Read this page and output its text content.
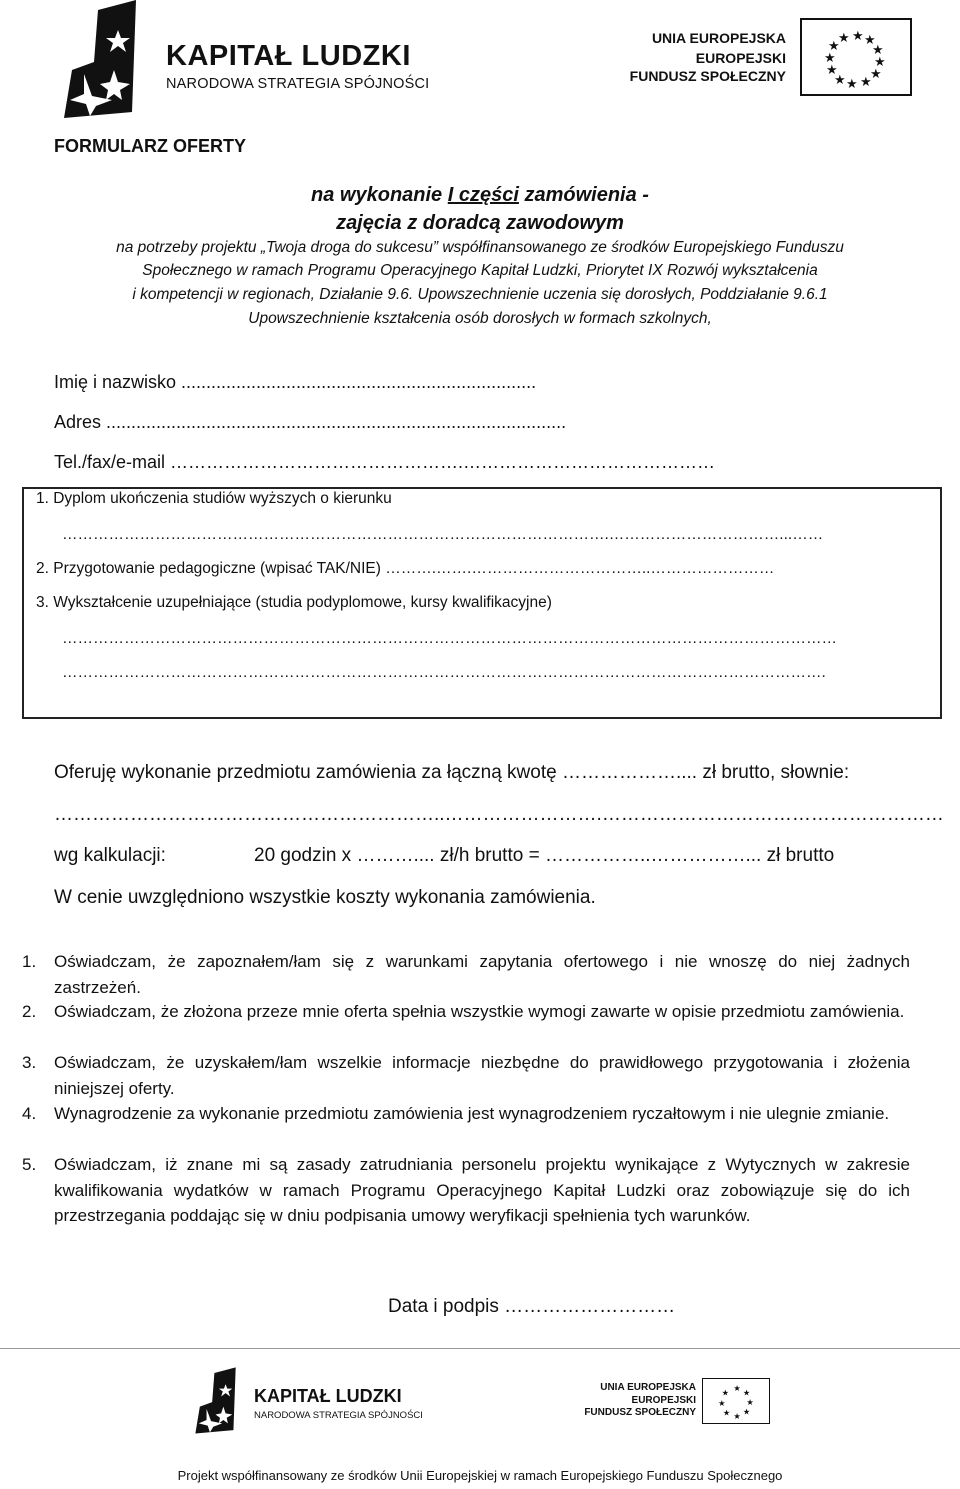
KAPITAŁ LUDZKI
NARODOWA STRATEGIA SPÓJNOŚCI
UNIA EUROPEJSKA
EUROPEJSKI
FUNDUSZ SPOŁECZNY
★ ★
★
★
★
★
★
★
★
★
★
★
FORMULARZ OFERTY
na wykonanie I części zamówienia -
zajęcia z doradcą zawodowym
na potrzeby projektu „Twoja droga do sukcesu” współfinansowanego ze środków Europejskiego Funduszu
Społecznego w ramach Programu Operacyjnego Kapitał Ludzki, Priorytet IX Rozwój wykształcenia
i kompetencji w regionach, Działanie 9.6. Upowszechnienie uczenia się dorosłych, Poddziałanie 9.6.1
Upowszechnienie kształcenia osób dorosłych w formach szkolnych,
Imię i nazwisko .......................................................................
Adres ............................................................................................
Tel./fax/e-mail ………………………………………….……………………………………
1. Dyplom ukończenia studiów wyższych o kierunku
…………………………………………………………………………………………….……………………………...……
2. Przygotowanie pedagogiczne (wpisać TAK/NIE) ……….…….……………………………..……………………
3. Wykształcenie uzupełniające (studia podyplomowe, kursy kwalifikacyjne)
……………………………………………………………………………………………………………………………………
………………………………………………………………………………………………………………………………….
Oferuję wykonanie przedmiotu zamówienia za łączną kwotę ……………….... zł brutto, słownie:
……………………………………………………..…………………….………………………………………………
wg kalkulacji:	20 godzin x ……….... zł/h brutto = ……………..……………... zł brutto
W cenie uwzględniono wszystkie koszty wykonania zamówienia.
1.	Oświadczam, że zapoznałem/łam się z warunkami zapytania ofertowego i nie wnoszę do niej żadnych zastrzeżeń.
2.	Oświadczam, że złożona przeze mnie oferta spełnia wszystkie wymogi zawarte w opisie przedmiotu zamówienia.
3.	Oświadczam, że uzyskałem/łam wszelkie informacje niezbędne do prawidłowego przygotowania i złożenia niniejszej oferty.
4.	Wynagrodzenie za wykonanie przedmiotu zamówienia jest wynagrodzeniem ryczałtowym i nie ulegnie zmianie.
5.	Oświadczam, iż znane mi są zasady zatrudniania personelu projektu wynikające z Wytycznych w zakresie kwalifikowania wydatków w ramach Programu Operacyjnego Kapitał Ludzki oraz zobowiązuje się do ich przestrzegania poddając się w dniu podpisania umowy weryfikacji spełnienia tych warunków.
Data i podpis ………………………
KAPITAŁ LUDZKI
NARODOWA STRATEGIA SPÓJNOŚCI
UNIA EUROPEJSKA
EUROPEJSKI
FUNDUSZ SPOŁECZNY
★ ★
★
★
★
★
★
★
Projekt współfinansowany ze środków Unii Europejskiej w ramach Europejskiego Funduszu Społecznego
